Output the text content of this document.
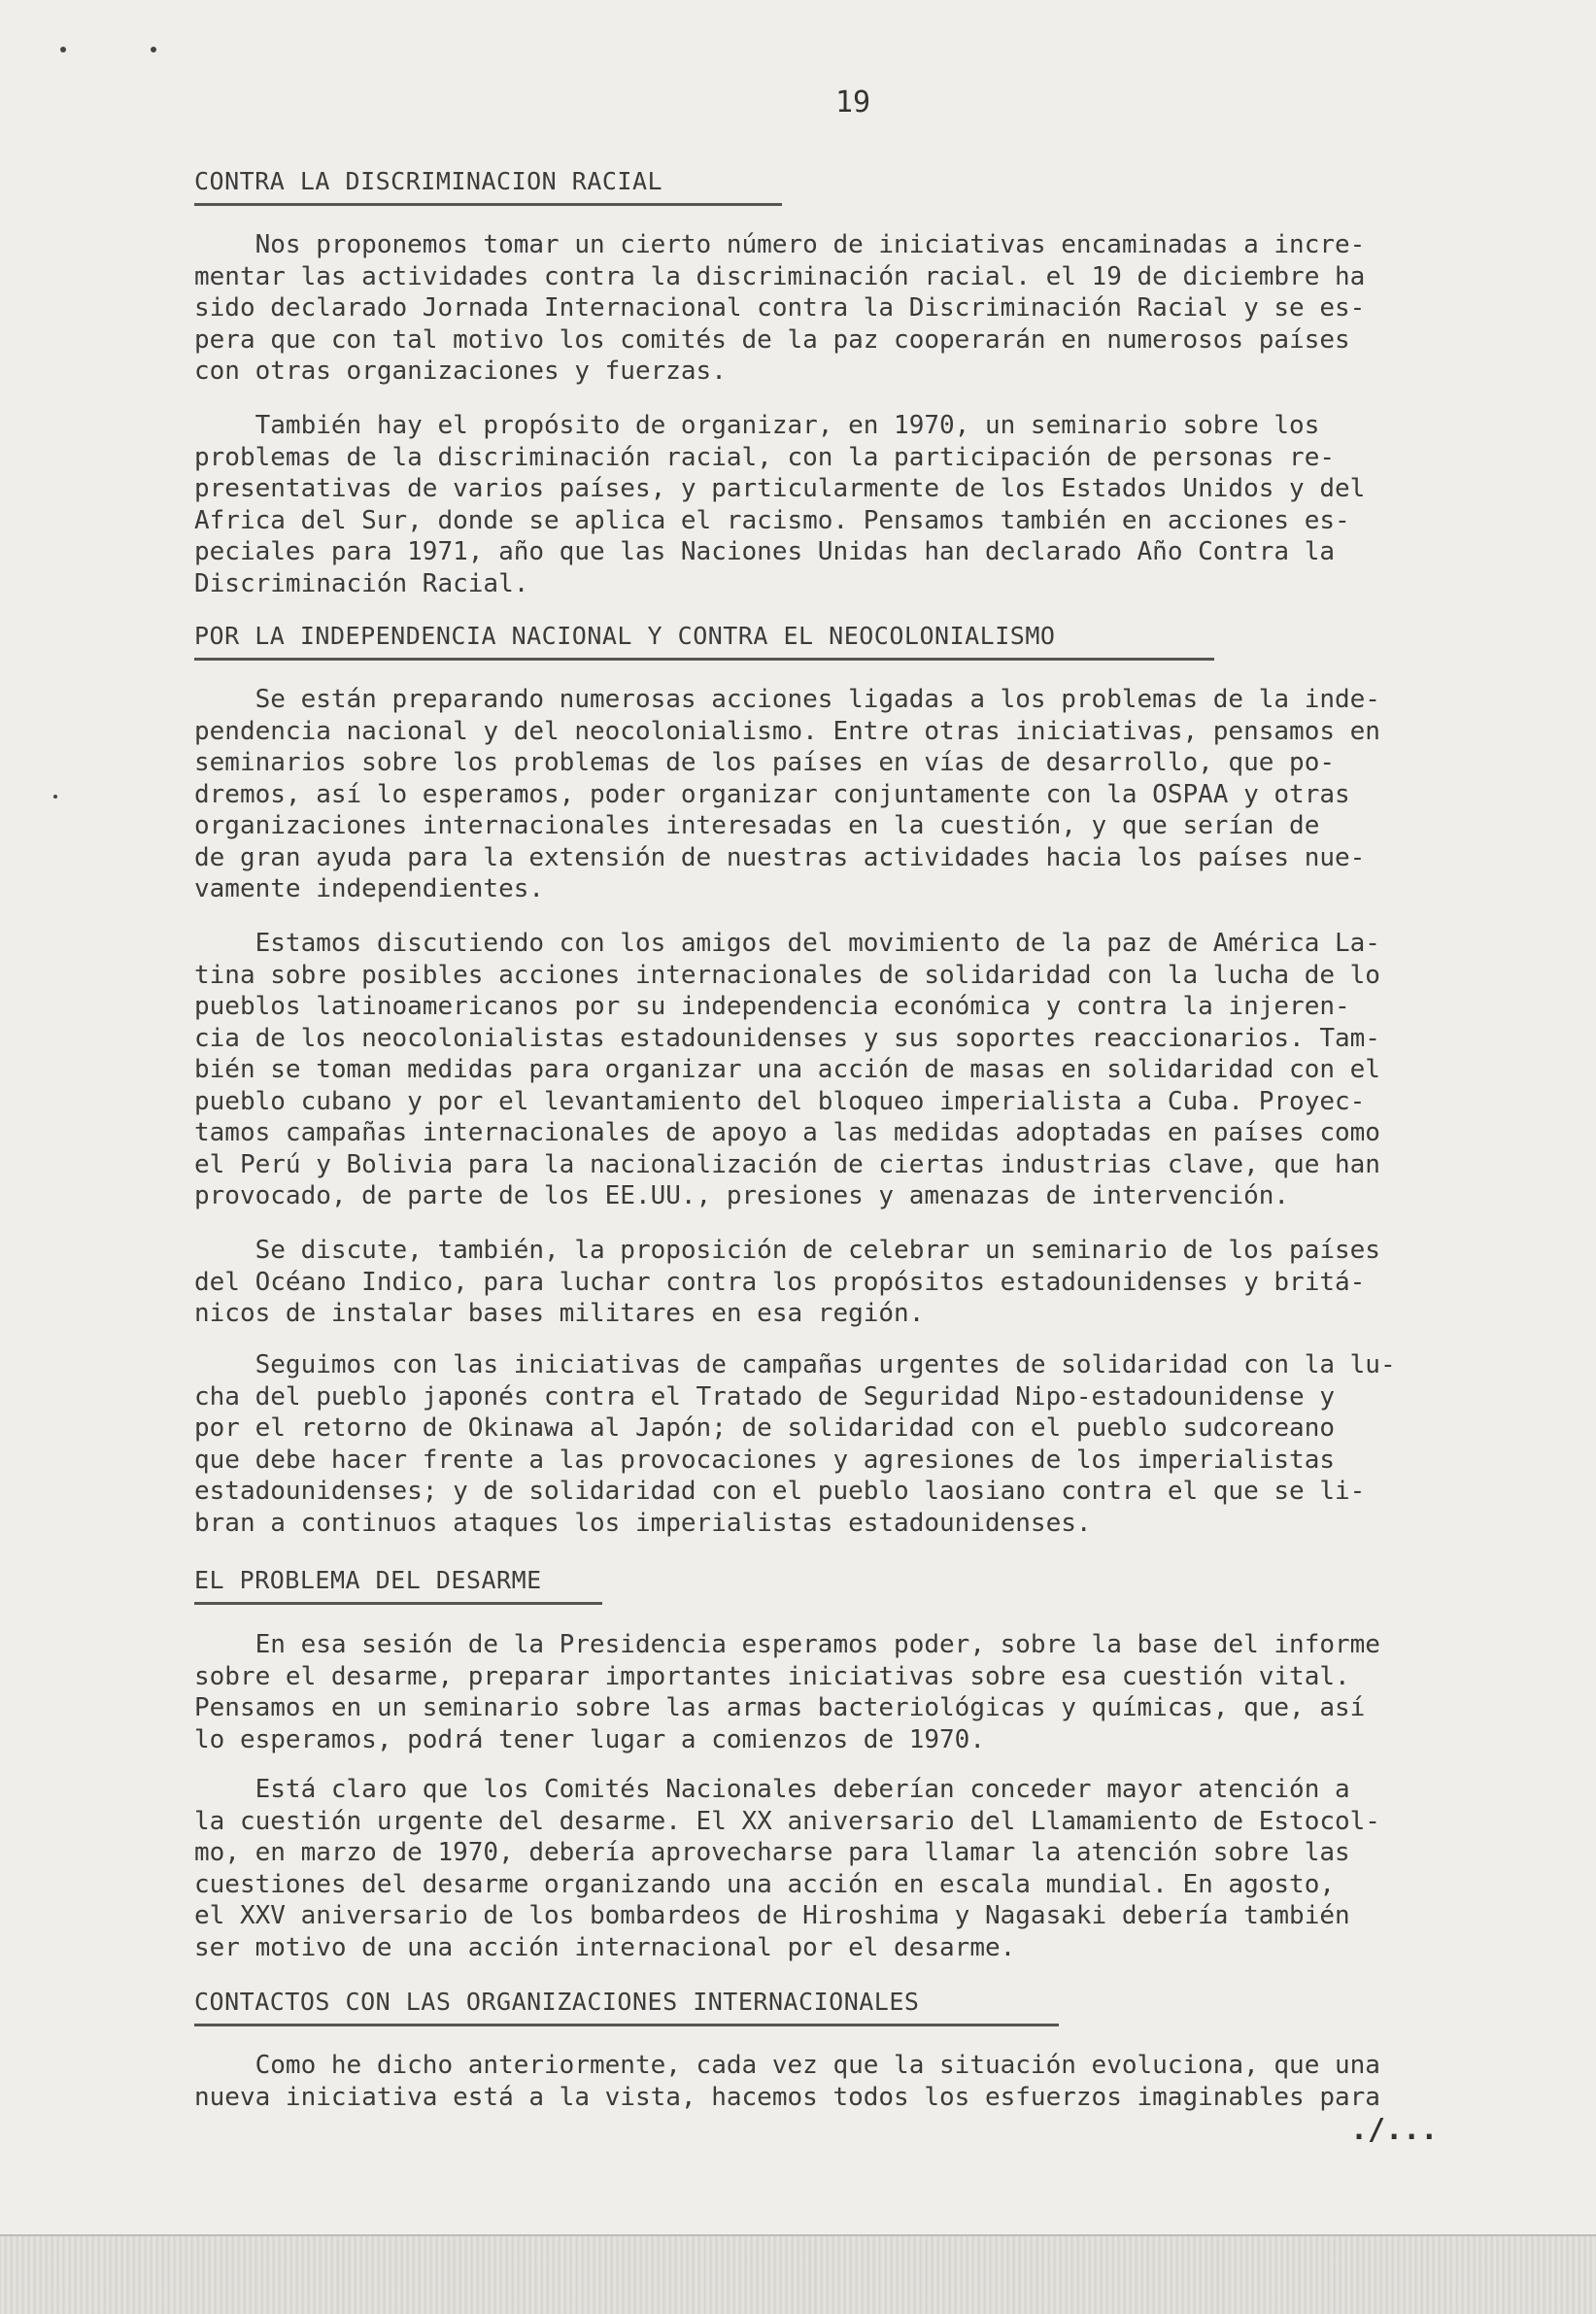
19
CONTRA LA DISCRIMINACION RACIAL

Nos proponemos tomar un cierto número de iniciativas encaminadas a incre-
mentar las actividades contra la discriminación racial. el 19 de diciembre ha
sido declarado Jornada Internacional contra la Discriminación Racial y se es-
pera que con tal motivo los comités de la paz cooperarán en numerosos países
con otras organizaciones y fuerzas.

También hay el propósito de organizar, en 1970, un seminario sobre los
problemas de la discriminación racial, con la participación de personas re-
presentativas de varios países, y particularmente de los Estados Unidos y del
Africa del Sur, donde se aplica el racismo. Pensamos también en acciones es-
peciales para 1971, año que las Naciones Unidas han declarado Año Contra la
Discriminación Racial.

POR LA INDEPENDENCIA NACIONAL Y CONTRA EL NEOCOLONIALISMO

Se están preparando numerosas acciones ligadas a los problemas de la inde-
pendencia nacional y del neocolonialismo. Entre otras iniciativas, pensamos en
seminarios sobre los problemas de los países en vías de desarrollo, que po-
dremos, así lo esperamos, poder organizar conjuntamente con la OSPAA y otras
organizaciones internacionales interesadas en la cuestión, y que serían de
de gran ayuda para la extensión de nuestras actividades hacia los países nue-
vamente independientes.

Estamos discutiendo con los amigos del movimiento de la paz de América La-
tina sobre posibles acciones internacionales de solidaridad con la lucha de lo
pueblos latinoamericanos por su independencia económica y contra la injeren-
cia de los neocolonialistas estadounidenses y sus soportes reaccionarios. Tam-
bién se toman medidas para organizar una acción de masas en solidaridad con el
pueblo cubano y por el levantamiento del bloqueo imperialista a Cuba. Proyec-
tamos campañas internacionales de apoyo a las medidas adoptadas en países como
el Perú y Bolivia para la nacionalización de ciertas industrias clave, que han
provocado, de parte de los EE.UU., presiones y amenazas de intervención.

Se discute, también, la proposición de celebrar un seminario de los países
del Océano Indico, para luchar contra los propósitos estadounidenses y britá-
nicos de instalar bases militares en esa región.

Seguimos con las iniciativas de campañas urgentes de solidaridad con la lu-
cha del pueblo japonés contra el Tratado de Seguridad Nipo-estadounidense y
por el retorno de Okinawa al Japón; de solidaridad con el pueblo sudcoreano
que debe hacer frente a las provocaciones y agresiones de los imperialistas
estadounidenses; y de solidaridad con el pueblo laosiano contra el que se li-
bran a continuos ataques los imperialistas estadounidenses.

EL PROBLEMA DEL DESARME

En esa sesión de la Presidencia esperamos poder, sobre la base del informe
sobre el desarme, preparar importantes iniciativas sobre esa cuestión vital.
Pensamos en un seminario sobre las armas bacteriológicas y químicas, que, así
lo esperamos, podrá tener lugar a comienzos de 1970.

Está claro que los Comités Nacionales deberían conceder mayor atención a
la cuestión urgente del desarme. El XX aniversario del Llamamiento de Estocol-
mo, en marzo de 1970, debería aprovecharse para llamar la atención sobre las
cuestiones del desarme organizando una acción en escala mundial. En agosto,
el XXV aniversario de los bombardeos de Hiroshima y Nagasaki debería también
ser motivo de una acción internacional por el desarme.

CONTACTOS CON LAS ORGANIZACIONES INTERNACIONALES

Como he dicho anteriormente, cada vez que la situación evoluciona, que una
nueva iniciativa está a la vista, hacemos todos los esfuerzos imaginables para

./...
